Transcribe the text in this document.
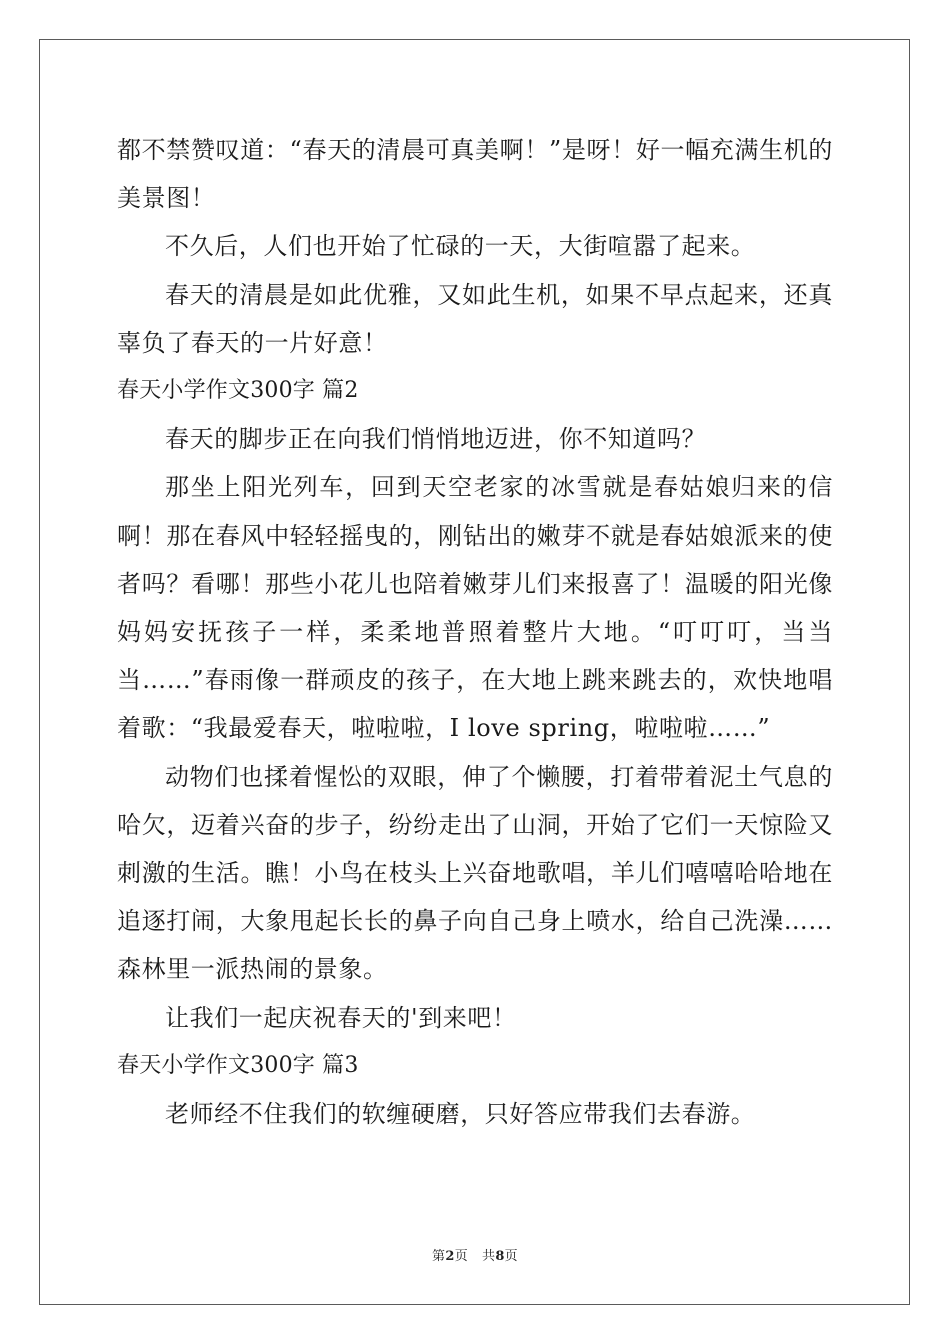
都不禁赞叹道：“春天的清晨可真美啊！”是呀！好一幅充满生机的美景图！

不久后，人们也开始了忙碌的一天，大街喧嚣了起来。

春天的清晨是如此优雅，又如此生机，如果不早点起来，还真辜负了春天的一片好意！

春天小学作文300字 篇2

春天的脚步正在向我们悄悄地迈进，你不知道吗？

那坐上阳光列车，回到天空老家的冰雪就是春姑娘归来的信啊！那在春风中轻轻摇曳的，刚钻出的嫩芽不就是春姑娘派来的使者吗？看哪！那些小花儿也陪着嫩芽儿们来报喜了！温暖的阳光像妈妈安抚孩子一样，柔柔地普照着整片大地。“叮叮叮，当当当……”春雨像一群顽皮的孩子，在大地上跳来跳去的，欢快地唱着歌：“我最爱春天，啦啦啦，I love spring，啦啦啦……”

动物们也揉着惺忪的双眼，伸了个懒腰，打着带着泥土气息的哈欠，迈着兴奋的步子，纷纷走出了山洞，开始了它们一天惊险又刺激的生活。瞧！小鸟在枝头上兴奋地歌唱，羊儿们嘻嘻哈哈地在追逐打闹，大象甩起长长的鼻子向自己身上喷水，给自己洗澡……森林里一派热闹的景象。

让我们一起庆祝春天的'到来吧！

春天小学作文300字 篇3

老师经不住我们的软缠硬磨，只好答应带我们去春游。

第2页 共8页
